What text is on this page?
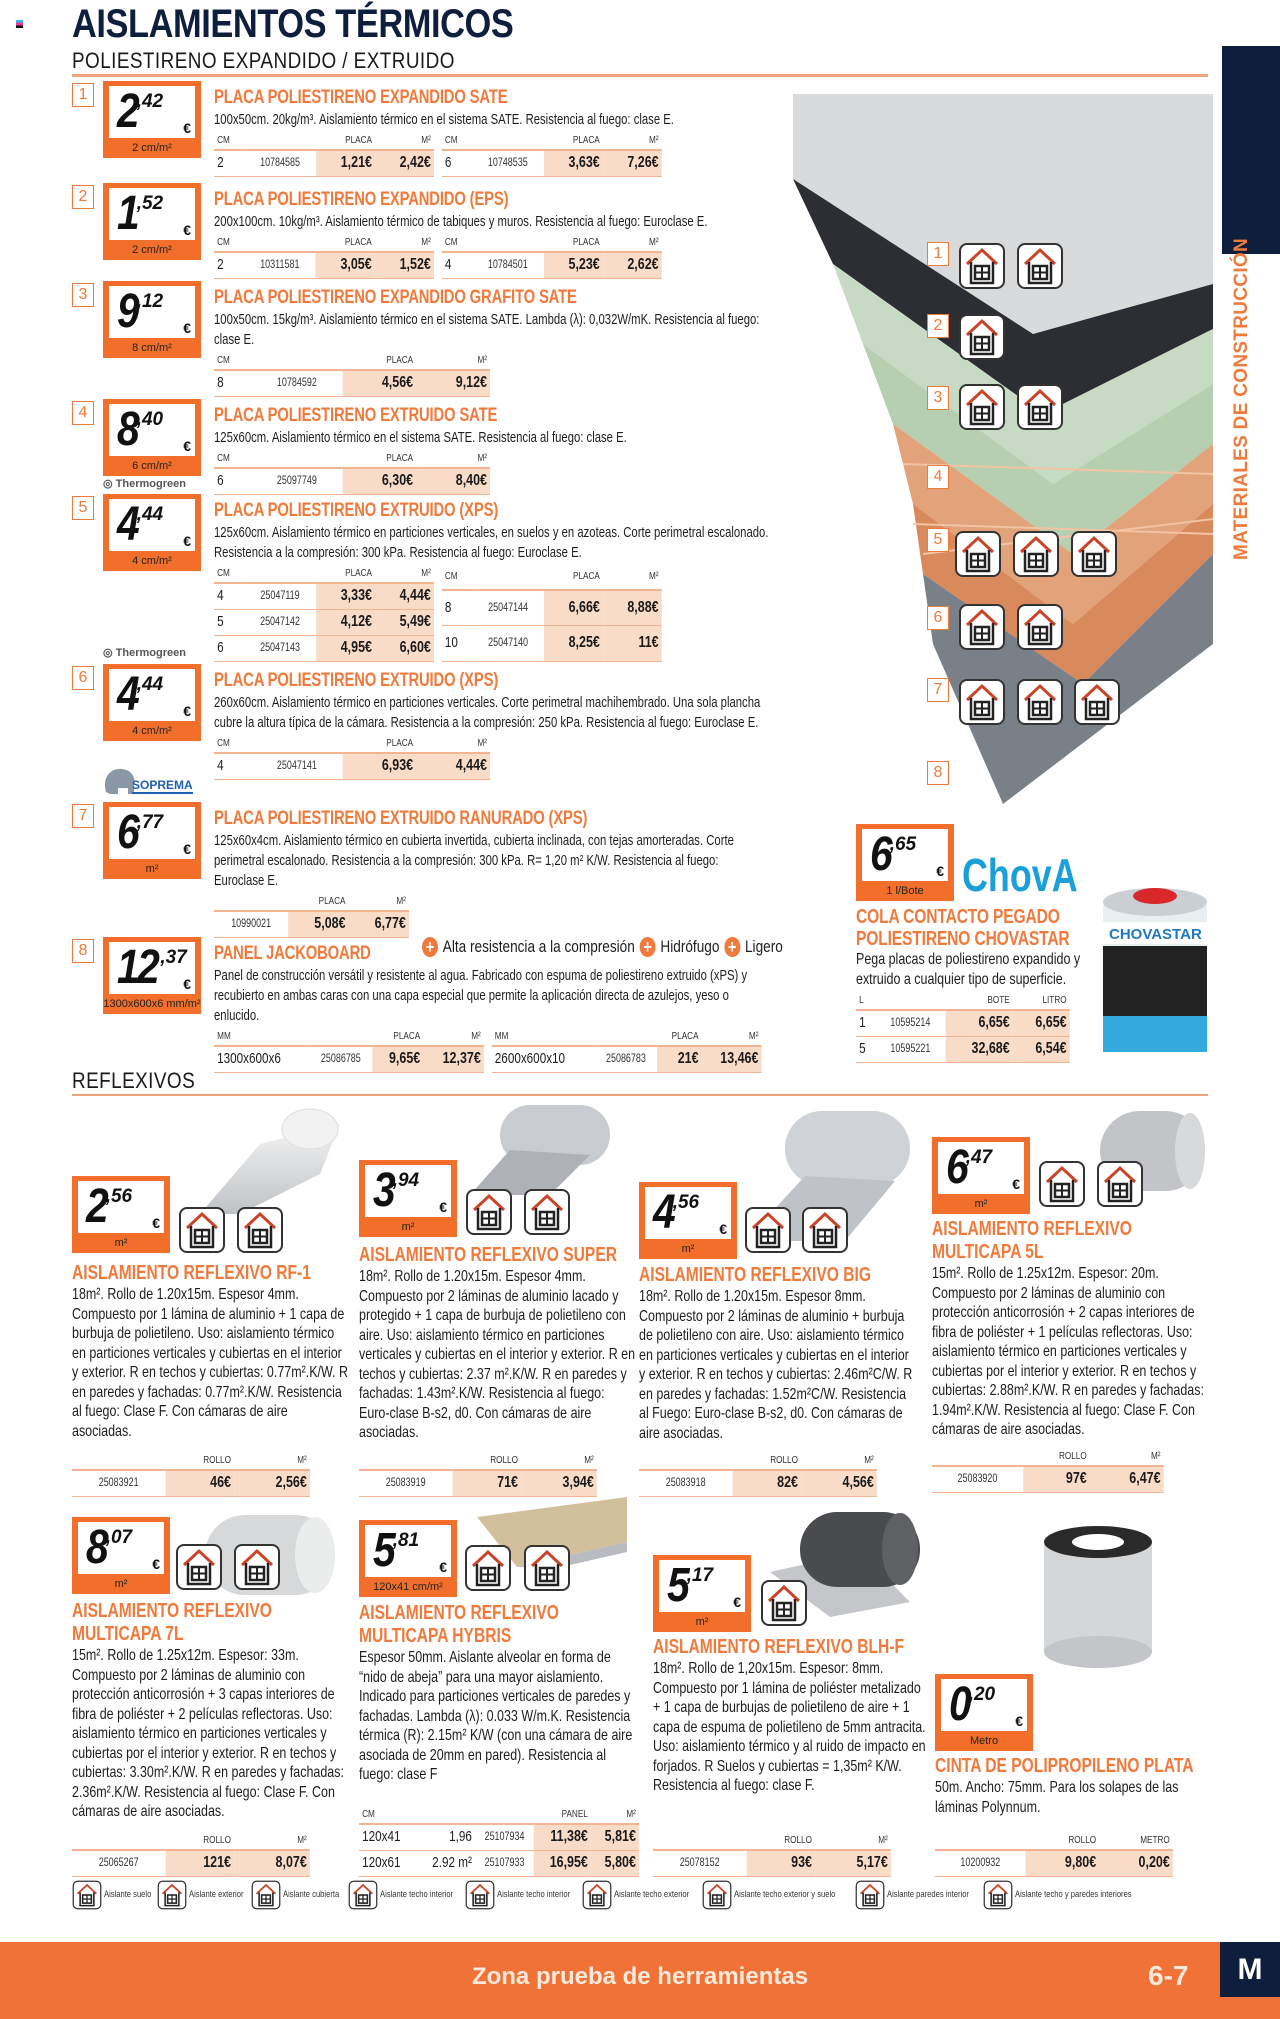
AISLAMIENTOS TÉRMICOS
POLIESTIRENO EXPANDIDO / EXTRUIDO
MATERIALES DE CONSTRUCCIÓN
1 2 ,42
€
2 cm/m²
PLACA POLIESTIRENO EXPANDIDO SATE
100x50cm. 20kg/m³. Aislamiento térmico en el sistema SATE. Resistencia al fuego: clase E.
CM		PLACA	M²
2	10784585	1,21€	2,42€
CM		PLACA	M²
6	10748535	3,63€	7,26€
2 1 ,52
€
2 cm/m²
PLACA POLIESTIRENO EXPANDIDO (EPS)
200x100cm. 10kg/m³. Aislamiento térmico de tabiques y muros. Resistencia al fuego: Euroclase E.
CM		PLACA	M²
2	10311581	3,05€	1,52€
CM		PLACA	M²
4	10784501	5,23€	2,62€
3 9 ,12
€
8 cm/m²
PLACA POLIESTIRENO EXPANDIDO GRAFITO SATE
100x50cm. 15kg/m³. Aislamiento térmico en el sistema SATE. Lambda (λ): 0,032W/mK. Resistencia al fuego: clase E.
CM		PLACA	M²
8	10784592	4,56€	9,12€
4 8 ,40
€
6 cm/m²
PLACA POLIESTIRENO EXTRUIDO SATE
125x60cm. Aislamiento térmico en el sistema SATE. Resistencia al fuego: clase E.
CM		PLACA	M²
6	25097749	6,30€	8,40€
5 4 ,44
€
4 cm/m²
PLACA POLIESTIRENO EXTRUIDO (XPS)
125x60cm. Aislamiento térmico en particiones verticales, en suelos y en azoteas. Corte perimetral escalonado. Resistencia a la compresión: 300 kPa. Resistencia al fuego: Euroclase E.
CM		PLACA	M²
4	25047119	3,33€	4,44€
5	25047142	4,12€	5,49€
6	25047143	4,95€	6,60€
CM		PLACA	M²
8	25047144	6,66€	8,88€
10	25047140	8,25€	11€
6 4 ,44
€
4 cm/m²
PLACA POLIESTIRENO EXTRUIDO (XPS)
260x60cm. Aislamiento térmico en particiones verticales. Corte perimetral machihembrado. Una sola plancha cubre la altura típica de la cámara. Resistencia a la compresión: 250 kPa. Resistencia al fuego: Euroclase E.
CM		PLACA	M²
4	25047141	6,93€	4,44€
7 6 ,77
€
m²
PLACA POLIESTIRENO EXTRUIDO RANURADO (XPS)
125x60x4cm. Aislamiento térmico en cubierta invertida, cubierta inclinada, con tejas amorteradas. Corte perimetral escalonado. Resistencia a la compresión: 300 kPa. R= 1,20 m² K/W. Resistencia al fuego: Euroclase E.
	PLACA	M²
10990021	5,08€	6,77€
8 12 ,37
€
1300x600x6 mm/m²
PANEL JACKOBOARD
Panel de construcción versátil y resistente al agua. Fabricado con espuma de poliestireno extruido (xPS) y recubierto en ambas caras con una capa especial que permite la aplicación directa de azulejos, yeso o enlucido.
MM		PLACA	M²
1300x600x6	25086785	9,65€	12,37€
MM		PLACA	M²
2600x600x10	25086783	21€	13,46€
◎ Thermogreen
◎ Thermogreen
SOPREMA
+ Alta resistencia a la compresión + Hidrófugo + Ligero
1
2
3
4
5
6
7
8
6 ,65
€
1 l/Bote ChovA
COLA CONTACTO PEGADO POLIESTIRENO CHOVASTAR
Pega placas de poliestireno expandido y extruido a cualquier tipo de superficie.
L		BOTE	LITRO
1	10595214	6,65€	6,65€
5	10595221	32,68€	6,54€
CHOVASTAR
REFLEXIVOS
2 ,56
€
m²
3 ,94
€
m²	4 ,56
€
m²
6 ,47
€
m²
8 ,07
€
m²
5 ,81
€
120x41 cm/m²	5 ,17
€
m²
0 ,20
€
Metro
AISLAMIENTO REFLEXIVO RF-1
18m². Rollo de 1.20x15m. Espesor 4mm. Compuesto por 1 lámina de aluminio + 1 capa de burbuja de polietileno. Uso: aislamiento térmico en particiones verticales y cubiertas en el interior y exterior. R en techos y cubiertas: 0.77m².K/W. R en paredes y fachadas: 0.77m².K/W. Resistencia al fuego: Clase F. Con cámaras de aire asociadas.
AISLAMIENTO REFLEXIVO SUPER
18m². Rollo de 1.20x15m. Espesor 4mm. Compuesto por 2 láminas de aluminio lacado y protegido + 1 capa de burbuja de polietileno con aire. Uso: aislamiento térmico en particiones verticales y cubiertas en el interior y exterior. R en techos y cubiertas: 2.37 m².K/W. R en paredes y fachadas: 1.43m².K/W. Resistencia al fuego: Euro-clase B-s2, d0. Con cámaras de aire asociadas.
AISLAMIENTO REFLEXIVO BIG
18m². Rollo de 1.20x15m. Espesor 8mm. Compuesto por 2 láminas de aluminio + burbuja de polietileno con aire. Uso: aislamiento térmico en particiones verticales y cubiertas en el interior y exterior. R en techos y cubiertas: 2.46m²C/W. R en paredes y fachadas: 1.52m²C/W. Resistencia al Fuego: Euro-clase B-s2, d0. Con cámaras de aire asociadas.
AISLAMIENTO REFLEXIVO MULTICAPA 5L
15m². Rollo de 1.25x12m. Espesor: 20m. Compuesto por 2 láminas de aluminio con protección anticorrosión + 2 capas interiores de fibra de poliéster + 1 películas reflectoras. Uso: aislamiento térmico en particiones verticales y cubiertas por el interior y exterior. R en techos y cubiertas: 2.88m².K/W. R en paredes y fachadas: 1.94m².K/W. Resistencia al fuego: Clase F. Con cámaras de aire asociadas.
AISLAMIENTO REFLEXIVO MULTICAPA 7L
15m². Rollo de 1.25x12m. Espesor: 33m. Compuesto por 2 láminas de aluminio con protección anticorrosión + 3 capas interiores de fibra de poliéster + 2 películas reflectoras. Uso: aislamiento térmico en particiones verticales y cubiertas por el interior y exterior. R en techos y cubiertas: 3.30m².K/W. R en paredes y fachadas: 2.36m².K/W. Resistencia al fuego: Clase F. Con cámaras de aire asociadas.
AISLAMIENTO REFLEXIVO MULTICAPA HYBRIS
Espesor 50mm. Aislante alveolar en forma de “nido de abeja” para una mayor aislamiento. Indicado para particiones verticales de paredes y fachadas. Lambda (λ): 0.033 W/m.K. Resistencia térmica (R): 2.15m² K/W (con una cámara de aire asociada de 20mm en pared). Resistencia al fuego: clase F
AISLAMIENTO REFLEXIVO BLH-F
18m². Rollo de 1,20x15m. Espesor: 8mm. Compuesto por 1 lámina de poliéster metalizado + 1 capa de burbujas de polietileno de aire + 1 capa de espuma de polietileno de 5mm antracita. Uso: aislamiento térmico y al ruido de impacto en forjados. R Suelos y cubiertas = 1,35m² K/W. Resistencia al fuego: clase F.
CINTA DE POLIPROPILENO PLATA
50m. Ancho: 75mm. Para los solapes de las láminas Polynnum.
	ROLLO	M²
25083921	46€	2,56€
	ROLLO	M²
25083919	71€	3,94€
	ROLLO	M²
25083918	82€	4,56€
	ROLLO	M²
25083920	97€	6,47€
	ROLLO	M²
25065267	121€	8,07€
CM			PANEL	M²
120x41	1,96	25107934	11,38€	5,81€
120x61	2.92 m²	25107933	16,95€	5,80€
	ROLLO	M²
25078152	93€	5,17€
	ROLLO	METRO
10200932	9,80€	0,20€
Aislante suelo	Aislante exterior	Aislante cubierta	Aislante techo interior	Aislante techo interior	Aislante techo exterior	Aislante techo exterior y suelo	Aislante paredes interior	Aislante techo y paredes interiores
Zona prueba de herramientas	6-7	M
